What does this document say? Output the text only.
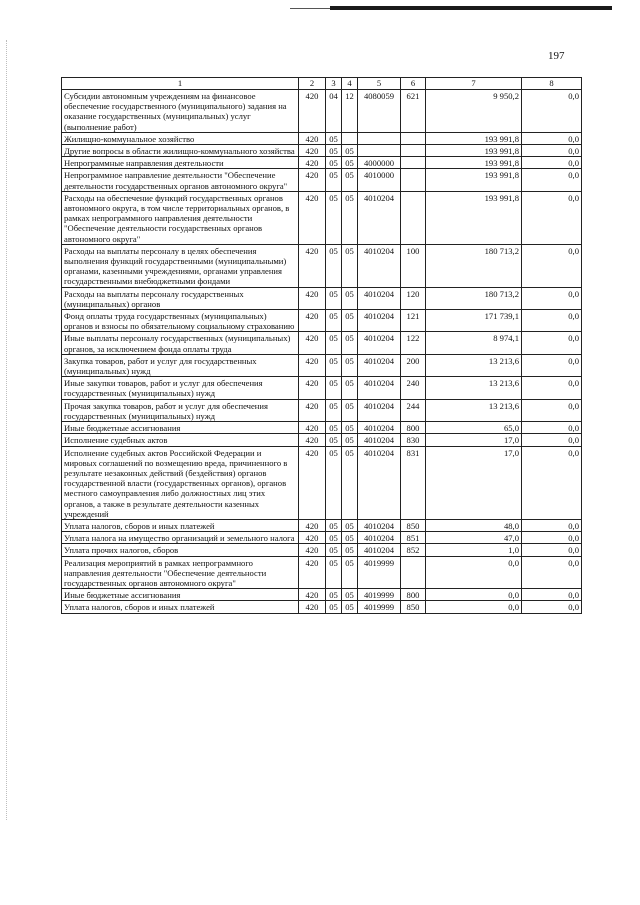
197
1	2	3	4	5	6	7	8
Субсидии автономным учреждениям на финансовое обеспечение государственного (муниципального) задания на оказание государственных (муниципальных) услуг (выполнение работ)	420	04	12	4080059	621	9 950,2	0,0
Жилищно-коммунальное хозяйство	420	05				193 991,8	0,0
Другие вопросы в области жилищно-коммунального хозяйства	420	05	05			193 991,8	0,0
Непрограммные направления деятельности	420	05	05	4000000		193 991,8	0,0
Непрограммное направление деятельности "Обеспечение деятельности государственных органов автономного округа"	420	05	05	4010000		193 991,8	0,0
Расходы на обеспечение функций государственных органов автономного округа, в том числе территориальных органов, в рамках непрограммного направления деятельности "Обеспечение деятельности государственных органов автономного округа"	420	05	05	4010204		193 991,8	0,0
Расходы на выплаты персоналу в целях обеспечения выполнения функций государственными (муниципальными) органами, казенными учреждениями, органами управления государственными внебюджетными фондами	420	05	05	4010204	100	180 713,2	0,0
Расходы на выплаты персоналу государственных (муниципальных) органов	420	05	05	4010204	120	180 713,2	0,0
Фонд оплаты труда государственных (муниципальных) органов и взносы по обязательному социальному страхованию	420	05	05	4010204	121	171 739,1	0,0
Иные выплаты персоналу государственных (муниципальных) органов, за исключением фонда оплаты труда	420	05	05	4010204	122	8 974,1	0,0
Закупка товаров, работ и услуг для государственных (муниципальных) нужд	420	05	05	4010204	200	13 213,6	0,0
Иные закупки товаров, работ и услуг для обеспечения государственных (муниципальных) нужд	420	05	05	4010204	240	13 213,6	0,0
Прочая закупка товаров, работ и услуг для обеспечения государственных (муниципальных) нужд	420	05	05	4010204	244	13 213,6	0,0
Иные бюджетные ассигнования	420	05	05	4010204	800	65,0	0,0
Исполнение судебных актов	420	05	05	4010204	830	17,0	0,0
Исполнение судебных актов Российской Федерации и мировых соглашений по возмещению вреда, причиненного в результате незаконных действий (бездействия) органов государственной власти (государственных органов), органов местного самоуправления либо должностных лиц этих органов, а также в результате деятельности казенных учреждений	420	05	05	4010204	831	17,0	0,0
Уплата налогов, сборов и иных платежей	420	05	05	4010204	850	48,0	0,0
Уплата налога на имущество организаций и земельного налога	420	05	05	4010204	851	47,0	0,0
Уплата прочих налогов, сборов	420	05	05	4010204	852	1,0	0,0
Реализация мероприятий в рамках непрограммного направления деятельности "Обеспечение деятельности государственных органов автономного округа"	420	05	05	4019999		0,0	0,0
Иные бюджетные ассигнования	420	05	05	4019999	800	0,0	0,0
Уплата налогов, сборов и иных платежей	420	05	05	4019999	850	0,0	0,0
